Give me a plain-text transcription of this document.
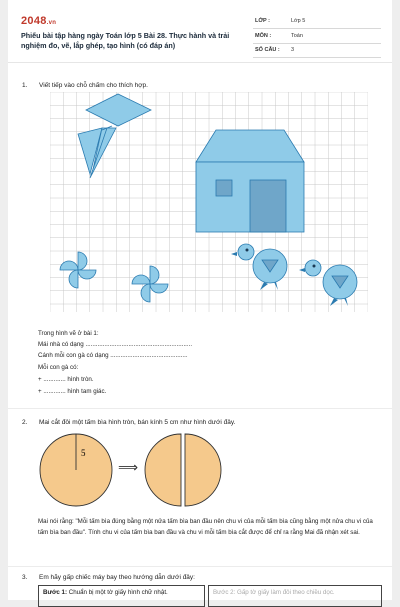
2048.vn
Phiếu bài tập hàng ngày Toán lớp 5 Bài 28. Thực hành và trải nghiệm đo, vẽ, lắp ghép, tạo hình (có đáp án)
LỚP :	Lớp 5
MÔN :	Toán
SỐ CÂU : 3
1. Viết tiếp vào chỗ chấm cho thích hợp.
Trong hình vẽ ở bài 1:
Mái nhà có dạng ..............................................................
Cánh mỗi con gà có dạng .............................................
Mỗi con gà có:
+ ............. hình tròn.
+ ............. hình tam giác.
2. Mai cắt đôi một tấm bìa hình tròn, bán kính 5 cm như hình dưới đây.
5
⟹
Mai nói rằng: "Mỗi tấm bìa đúng bằng một nửa tấm bìa ban đầu nên chu vi của mỗi tấm bìa cũng bằng một nửa chu vi của tấm bìa ban đầu". Tính chu vi của tấm bìa ban đầu và chu vi mỗi tấm bìa cắt được để chỉ ra rằng Mai đã nhận xét sai.
3. Em hãy gấp chiếc máy bay theo hướng dẫn dưới đây:
Bước 1: Chuẩn bị một tờ giấy hình chữ nhật.	Bước 2: Gấp tờ giấy làm đôi theo chiều dọc.
